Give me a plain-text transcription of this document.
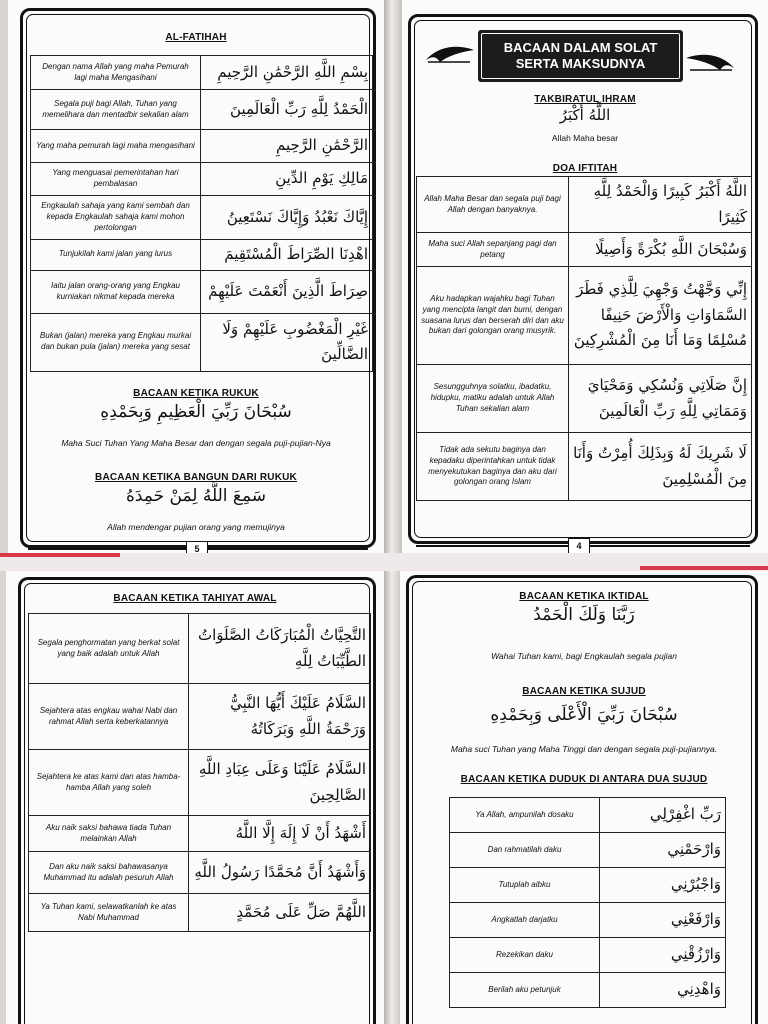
AL-FATIHAH
Dengan nama Allah yang maha Pemurah lagi maha Mengasihani	بِسْمِ اللَّهِ الرَّحْمَٰنِ الرَّحِيمِ
Segala puji bagi Allah, Tuhan yang memelihara dan mentadbir sekalian alam	الْحَمْدُ لِلَّهِ رَبِّ الْعَالَمِينَ
Yang maha pemurah lagi maha mengasihani	الرَّحْمَٰنِ الرَّحِيمِ
Yang menguasai pemerintahan hari pembalasan	مَالِكِ يَوْمِ الدِّينِ
Engkaulah sahaja yang kami sembah dan kepada Engkaulah sahaja kami mohon pertolongan	إِيَّاكَ نَعْبُدُ وَإِيَّاكَ نَسْتَعِينُ
Tunjukilah kami jalan yang lurus	اهْدِنَا الصِّرَاطَ الْمُسْتَقِيمَ
Iaitu jalan orang-orang yang Engkau kurniakan nikmat kepada mereka	صِرَاطَ الَّذِينَ أَنْعَمْتَ عَلَيْهِمْ
Bukan (jalan) mereka yang Engkau murkai dan bukan pula (jalan) mereka yang sesat	غَيْرِ الْمَغْضُوبِ عَلَيْهِمْ وَلَا الضَّالِّينَ
BACAAN KETIKA RUKUK
سُبْحَانَ رَبِّيَ الْعَظِيمِ وَبِحَمْدِهِ
Maha Suci Tuhan Yang Maha Besar dan dengan segala puji-pujian-Nya
BACAAN KETIKA BANGUN DARI RUKUK
سَمِعَ اللَّهُ لِمَنْ حَمِدَهُ
Allah mendengar pujian orang yang memujinya
5
BACAAN DALAM SOLAT
SERTA MAKSUDNYA
TAKBIRATUL IHRAM
اللَّهُ أَكْبَرُ
Allah Maha besar
DOA IFTITAH
Allah Maha Besar dan segala puji bagi Allah dengan banyaknya.	اللَّهُ أَكْبَرُ كَبِيرًا وَالْحَمْدُ لِلَّهِ كَثِيرًا
Maha suci Allah sepanjang pagi dan petang	وَسُبْحَانَ اللَّهِ بُكْرَةً وَأَصِيلًا
Aku hadapkan wajahku bagi Tuhan yang mencipta langit dan bumi, dengan suasana lurus dan berserah diri dan aku bukan dari golongan orang musyrik.	إِنِّي وَجَّهْتُ وَجْهِيَ لِلَّذِي فَطَرَ السَّمَاوَاتِ وَالْأَرْضَ حَنِيفًا مُسْلِمًا وَمَا أَنَا مِنَ الْمُشْرِكِينَ
Sesungguhnya solatku, ibadatku, hidupku, matiku adalah untuk Allah Tuhan sekalian alam	إِنَّ صَلَاتِي وَنُسُكِي وَمَحْيَايَ وَمَمَاتِي لِلَّهِ رَبِّ الْعَالَمِينَ
Tidak ada sekutu baginya dan kepadaku diperintahkan untuk tidak menyekutukan baginya dan aku dari golongan orang Islam	لَا شَرِيكَ لَهُ وَبِذَلِكَ أُمِرْتُ وَأَنَا مِنَ الْمُسْلِمِينَ
4
BACAAN KETIKA TAHIYAT AWAL
Segala penghormatan yang berkat solat yang baik adalah untuk Allah	التَّحِيَّاتُ الْمُبَارَكَاتُ الصَّلَوَاتُ الطَّيِّبَاتُ لِلَّهِ
Sejahtera atas engkau wahai Nabi dan rahmat Allah serta keberkatannya	السَّلَامُ عَلَيْكَ أَيُّهَا النَّبِيُّ وَرَحْمَةُ اللَّهِ وَبَرَكَاتُهُ
Sejahtera ke atas kami dan atas hamba-hamba Allah yang soleh	السَّلَامُ عَلَيْنَا وَعَلَى عِبَادِ اللَّهِ الصَّالِحِينَ
Aku naik saksi bahawa tiada Tuhan melainkan Allah	أَشْهَدُ أَنْ لَا إِلَهَ إِلَّا اللَّهُ
Dan aku naik saksi bahawasanya Muhammad itu adalah pesuruh Allah	وَأَشْهَدُ أَنَّ مُحَمَّدًا رَسُولُ اللَّهِ
Ya Tuhan kami, selawatkanlah ke atas Nabi Muhammad	اللَّهُمَّ صَلِّ عَلَى مُحَمَّدٍ
BACAAN KETIKA IKTIDAL
رَبَّنَا وَلَكَ الْحَمْدُ
Wahai Tuhan kami, bagi Engkaulah segala pujian
BACAAN KETIKA SUJUD
سُبْحَانَ رَبِّيَ الْأَعْلَى وَبِحَمْدِهِ
Maha suci Tuhan yang Maha Tinggi dan dengan segala puji-pujiannya.
BACAAN KETIKA DUDUK DI ANTARA DUA SUJUD
Ya Allah, ampunilah dosaku	رَبِّ اغْفِرْلِي
Dan rahmatilah daku	وَارْحَمْنِي
Tutuplah aibku	وَاجْبُرْنِي
Angkatlah darjatku	وَارْفَعْنِي
Rezekikan daku	وَارْزُقْنِي
Berilah aku petunjuk	وَاهْدِنِي
